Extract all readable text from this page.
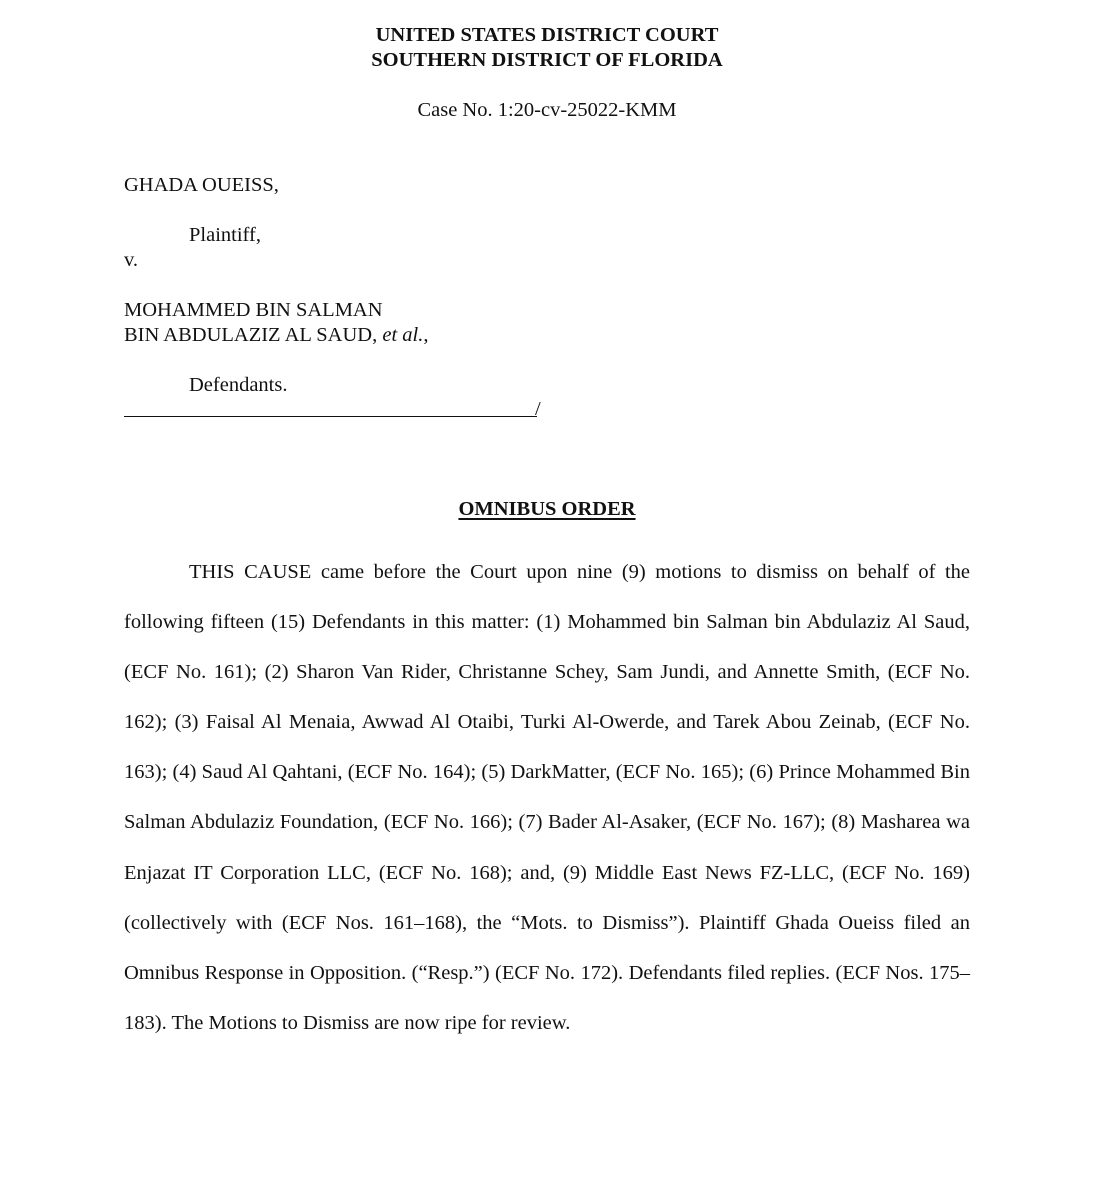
UNITED STATES DISTRICT COURT
SOUTHERN DISTRICT OF FLORIDA
Case No. 1:20-cv-25022-KMM
GHADA OUEISS,
Plaintiff,
v.
MOHAMMED BIN SALMAN
BIN ABDULAZIZ AL SAUD, et al.,
Defendants.
/
OMNIBUS ORDER
THIS CAUSE came before the Court upon nine (9) motions to dismiss on behalf of the following fifteen (15) Defendants in this matter: (1) Mohammed bin Salman bin Abdulaziz Al Saud, (ECF No. 161); (2) Sharon Van Rider, Christanne Schey, Sam Jundi, and Annette Smith, (ECF No. 162); (3) Faisal Al Menaia, Awwad Al Otaibi, Turki Al-Owerde, and Tarek Abou Zeinab, (ECF No. 163); (4) Saud Al Qahtani, (ECF No. 164); (5) DarkMatter, (ECF No. 165); (6) Prince Mohammed Bin Salman Abdulaziz Foundation, (ECF No. 166); (7) Bader Al-Asaker, (ECF No. 167); (8) Masharea wa Enjazat IT Corporation LLC, (ECF No. 168); and, (9) Middle East News FZ-LLC, (ECF No. 169) (collectively with (ECF Nos. 161–168), the “Mots. to Dismiss”). Plaintiff Ghada Oueiss filed an Omnibus Response in Opposition. (“Resp.”) (ECF No. 172). Defendants filed replies. (ECF Nos. 175–183). The Motions to Dismiss are now ripe for review.
